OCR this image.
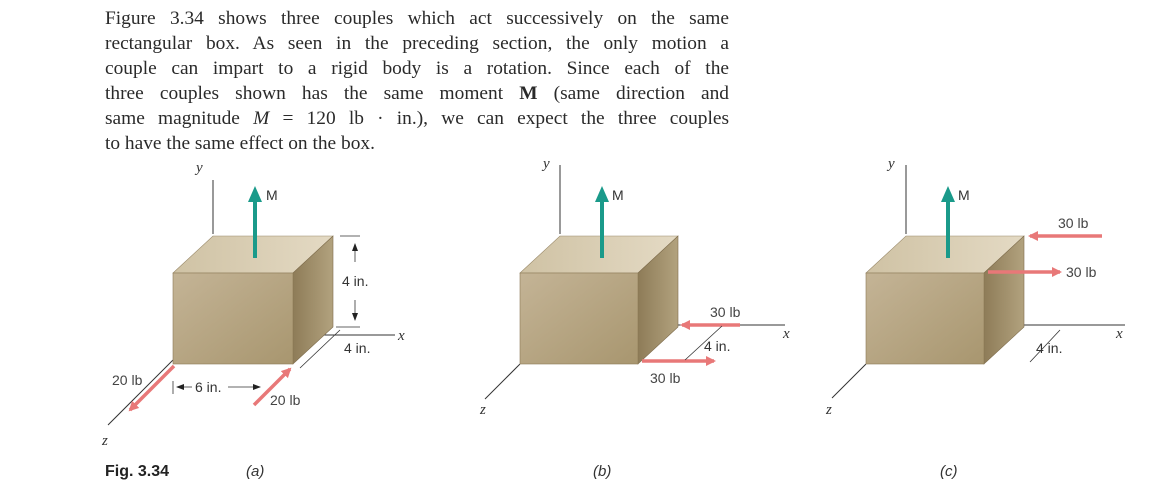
Figure 3.34 shows three couples which act successively on the same
rectangular box. As seen in the preceding section, the only motion a
couple can impart to a rigid body is a rotation. Since each of the
three couples shown has the same moment M (same direction and
same magnitude M = 120 lb · in.), we can expect the three couples
to have the same effect on the box.
y
x
z
M
4 in.
4 in.
6 in.
20 lb
20 lb
(a)
y
x
z
M
30 lb
30 lb
4 in.
(b)
y
x
z
M
30 lb
30 lb
4 in.
(c)
Fig. 3.34
